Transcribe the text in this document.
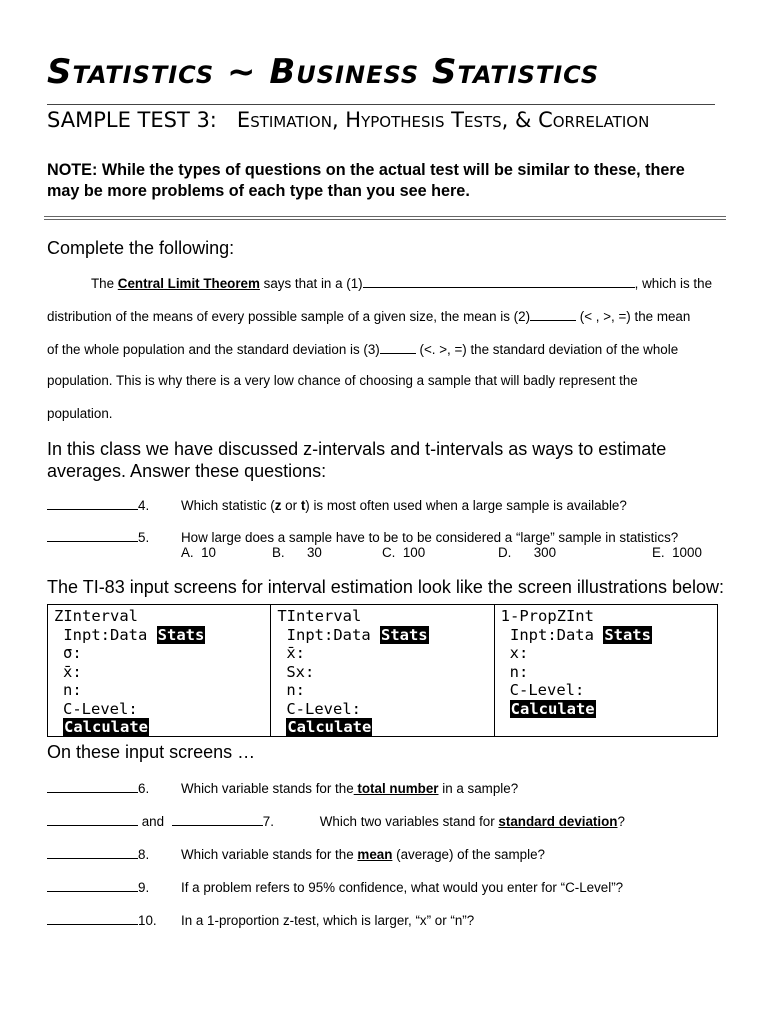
Statistics ~ Business Statistics
SAMPLE TEST 3: Estimation, Hypothesis Tests, & Correlation
NOTE: While the types of questions on the actual test will be similar to these, there may be more problems of each type than you see here.
Complete the following:
The Central Limit Theorem says that in a (1)	, which is the
distribution of the means of every possible sample of a given size, the mean is (2)	(< , >, =) the mean
of the whole population and the standard deviation is (3)	(<. >, =) the standard deviation of the whole
population. This is why there is a very low chance of choosing a sample that will badly represent the
population.
In this class we have discussed z-intervals and t-intervals as ways to estimate
averages. Answer these questions:
4. Which statistic (z or t) is most often used when a large sample is available?
5. How large does a sample have to be to be considered a “large” sample in statistics?
A. 10	B. 30	C. 100	D. 300	E. 1000
The TI-83 input screens for interval estimation look like the screen illustrations below:
ZInterval
Inpt:Data Stats
σ:
x̄:
n:
C-Level:
Calculate
TInterval
Inpt:Data Stats
x̄:
Sx:
n:
C-Level:
Calculate
1-PropZInt
Inpt:Data Stats
x:
n:
C-Level:
Calculate
On these input screens …
6. Which variable stands for the total number in a sample?
and	7.	Which two variables stand for standard deviation?
8. Which variable stands for the mean (average) of the sample?
9. If a problem refers to 95% confidence, what would you enter for “C-Level”?
10. In a 1-proportion z-test, which is larger, “x” or “n”?
